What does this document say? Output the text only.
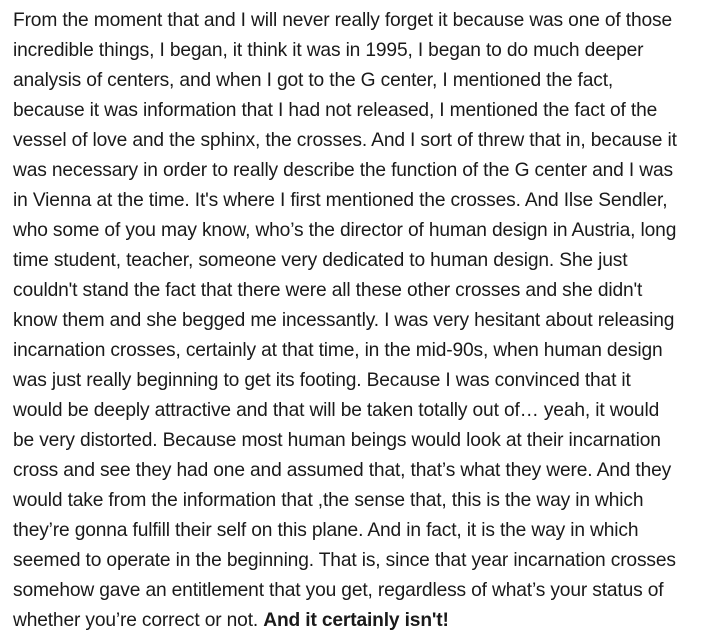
From the moment that and I will never really forget it because was one of those
incredible things, I began, it think it was in 1995, I began to do much deeper
analysis of centers, and when I got to the G center, I mentioned the fact,
because it was information that I had not released, I mentioned the fact of the
vessel of love and the sphinx, the crosses. And I sort of threw that in, because it
was necessary in order to really describe the function of the G center and I was
in Vienna at the time. It's where I first mentioned the crosses. And Ilse Sendler,
who some of you may know, who’s the director of human design in Austria, long
time student, teacher, someone very dedicated to human design. She just
couldn't stand the fact that there were all these other crosses and she didn't
know them and she begged me incessantly. I was very hesitant about releasing
incarnation crosses, certainly at that time, in the mid-90s, when human design
was just really beginning to get its footing. Because I was convinced that it
would be deeply attractive and that will be taken totally out of… yeah, it would
be very distorted. Because most human beings would look at their incarnation
cross and see they had one and assumed that, that’s what they were. And they
would take from the information that ,the sense that, this is the way in which
they’re gonna fulfill their self on this plane. And in fact, it is the way in which
seemed to operate in the beginning. That is, since that year incarnation crosses
somehow gave an entitlement that you get, regardless of what’s your status of
whether you’re correct or not. And it certainly isn't!
